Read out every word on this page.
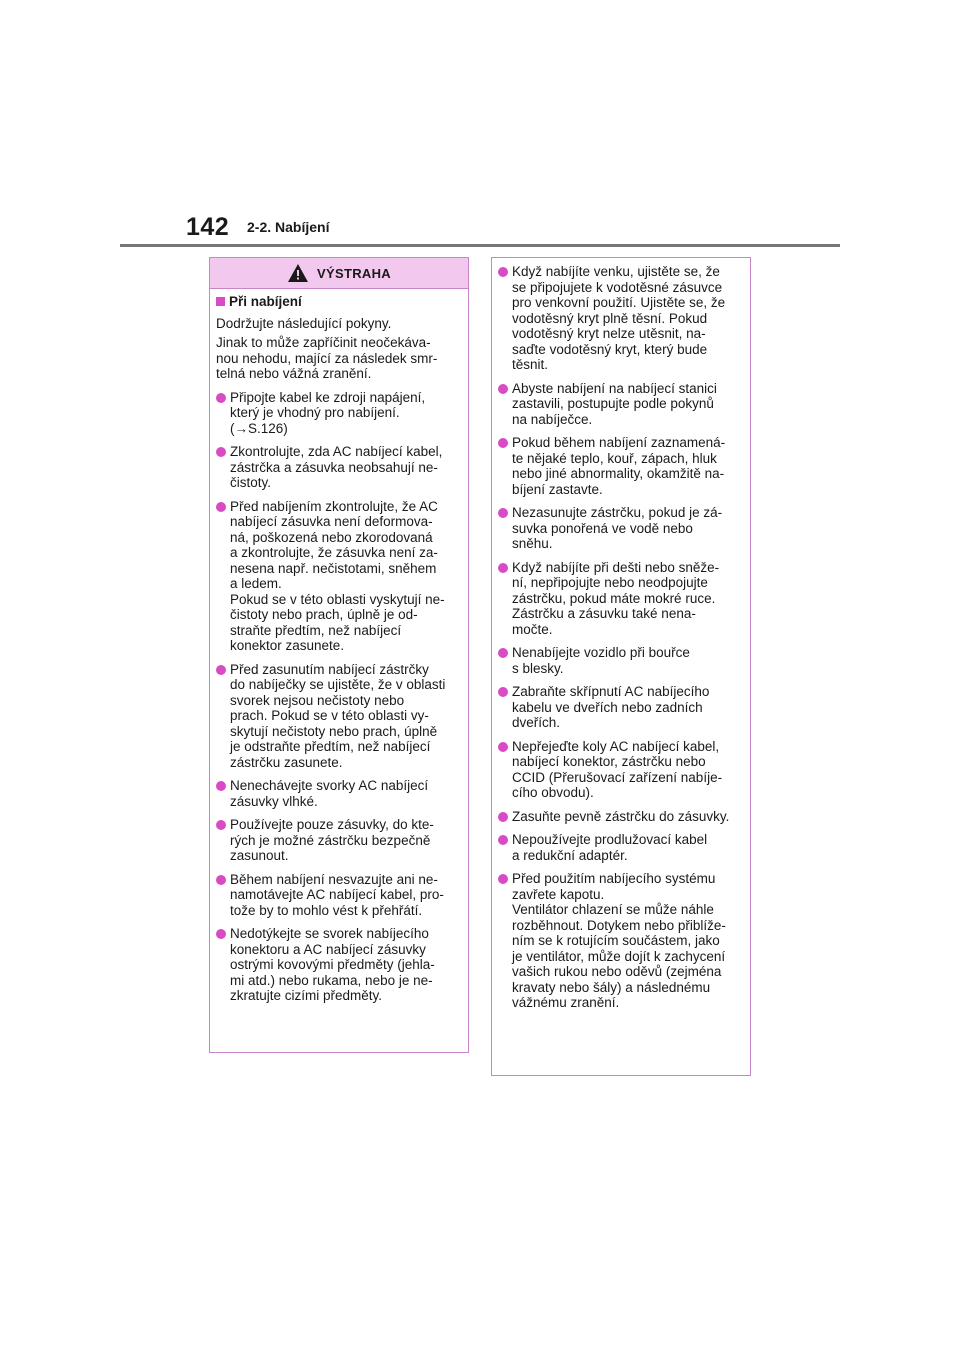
142 2-2. Nabíjení
VÝSTRAHA
Při nabíjení
Dodržujte následující pokyny.
Jinak to může zapříčinit neočekáva-
nou nehodu, mající za následek smr-
telná nebo vážná zranění.
Připojte kabel ke zdroji napájení,
který je vhodný pro nabíjení.
(→S.126)
Zkontrolujte, zda AC nabíjecí kabel,
zástrčka a zásuvka neobsahují ne-
čistoty.
Před nabíjením zkontrolujte, že AC
nabíjecí zásuvka není deformova-
ná, poškozená nebo zkorodovaná
a zkontrolujte, že zásuvka není za-
nesena např. nečistotami, sněhem
a ledem.
Pokud se v této oblasti vyskytují ne-
čistoty nebo prach, úplně je od-
straňte předtím, než nabíjecí
konektor zasunete.
Před zasunutím nabíjecí zástrčky
do nabíječky se ujistěte, že v oblasti
svorek nejsou nečistoty nebo
prach. Pokud se v této oblasti vy-
skytují nečistoty nebo prach, úplně
je odstraňte předtím, než nabíjecí
zástrčku zasunete.
Nenechávejte svorky AC nabíjecí
zásuvky vlhké.
Používejte pouze zásuvky, do kte-
rých je možné zástrčku bezpečně
zasunout.
Během nabíjení nesvazujte ani ne-
namotávejte AC nabíjecí kabel, pro-
tože by to mohlo vést k přehřátí.
Nedotýkejte se svorek nabíjecího
konektoru a AC nabíjecí zásuvky
ostrými kovovými předměty (jehla-
mi atd.) nebo rukama, nebo je ne-
zkratujte cizími předměty.
Když nabíjíte venku, ujistěte se, že
se připojujete k vodotěsné zásuvce
pro venkovní použití. Ujistěte se, že
vodotěsný kryt plně těsní. Pokud
vodotěsný kryt nelze utěsnit, na-
saďte vodotěsný kryt, který bude
těsnit.
Abyste nabíjení na nabíjecí stanici
zastavili, postupujte podle pokynů
na nabíječce.
Pokud během nabíjení zaznamená-
te nějaké teplo, kouř, zápach, hluk
nebo jiné abnormality, okamžitě na-
bíjení zastavte.
Nezasunujte zástrčku, pokud je zá-
suvka ponořená ve vodě nebo
sněhu.
Když nabíjíte při dešti nebo sněže-
ní, nepřipojujte nebo neodpojujte
zástrčku, pokud máte mokré ruce.
Zástrčku a zásuvku také nena-
močte.
Nenabíjejte vozidlo při bouřce
s blesky.
Zabraňte skřípnutí AC nabíjecího
kabelu ve dveřích nebo zadních
dveřích.
Nepřejeďte koly AC nabíjecí kabel,
nabíjecí konektor, zástrčku nebo
CCID (Přerušovací zařízení nabíje-
cího obvodu).
Zasuňte pevně zástrčku do zásuvky.
Nepoužívejte prodlužovací kabel
a redukční adaptér.
Před použitím nabíjecího systému
zavřete kapotu.
Ventilátor chlazení se může náhle
rozběhnout. Dotykem nebo přiblíže-
ním se k rotujícím součástem, jako
je ventilátor, může dojít k zachycení
vašich rukou nebo oděvů (zejména
kravaty nebo šály) a následnému
vážnému zranění.
